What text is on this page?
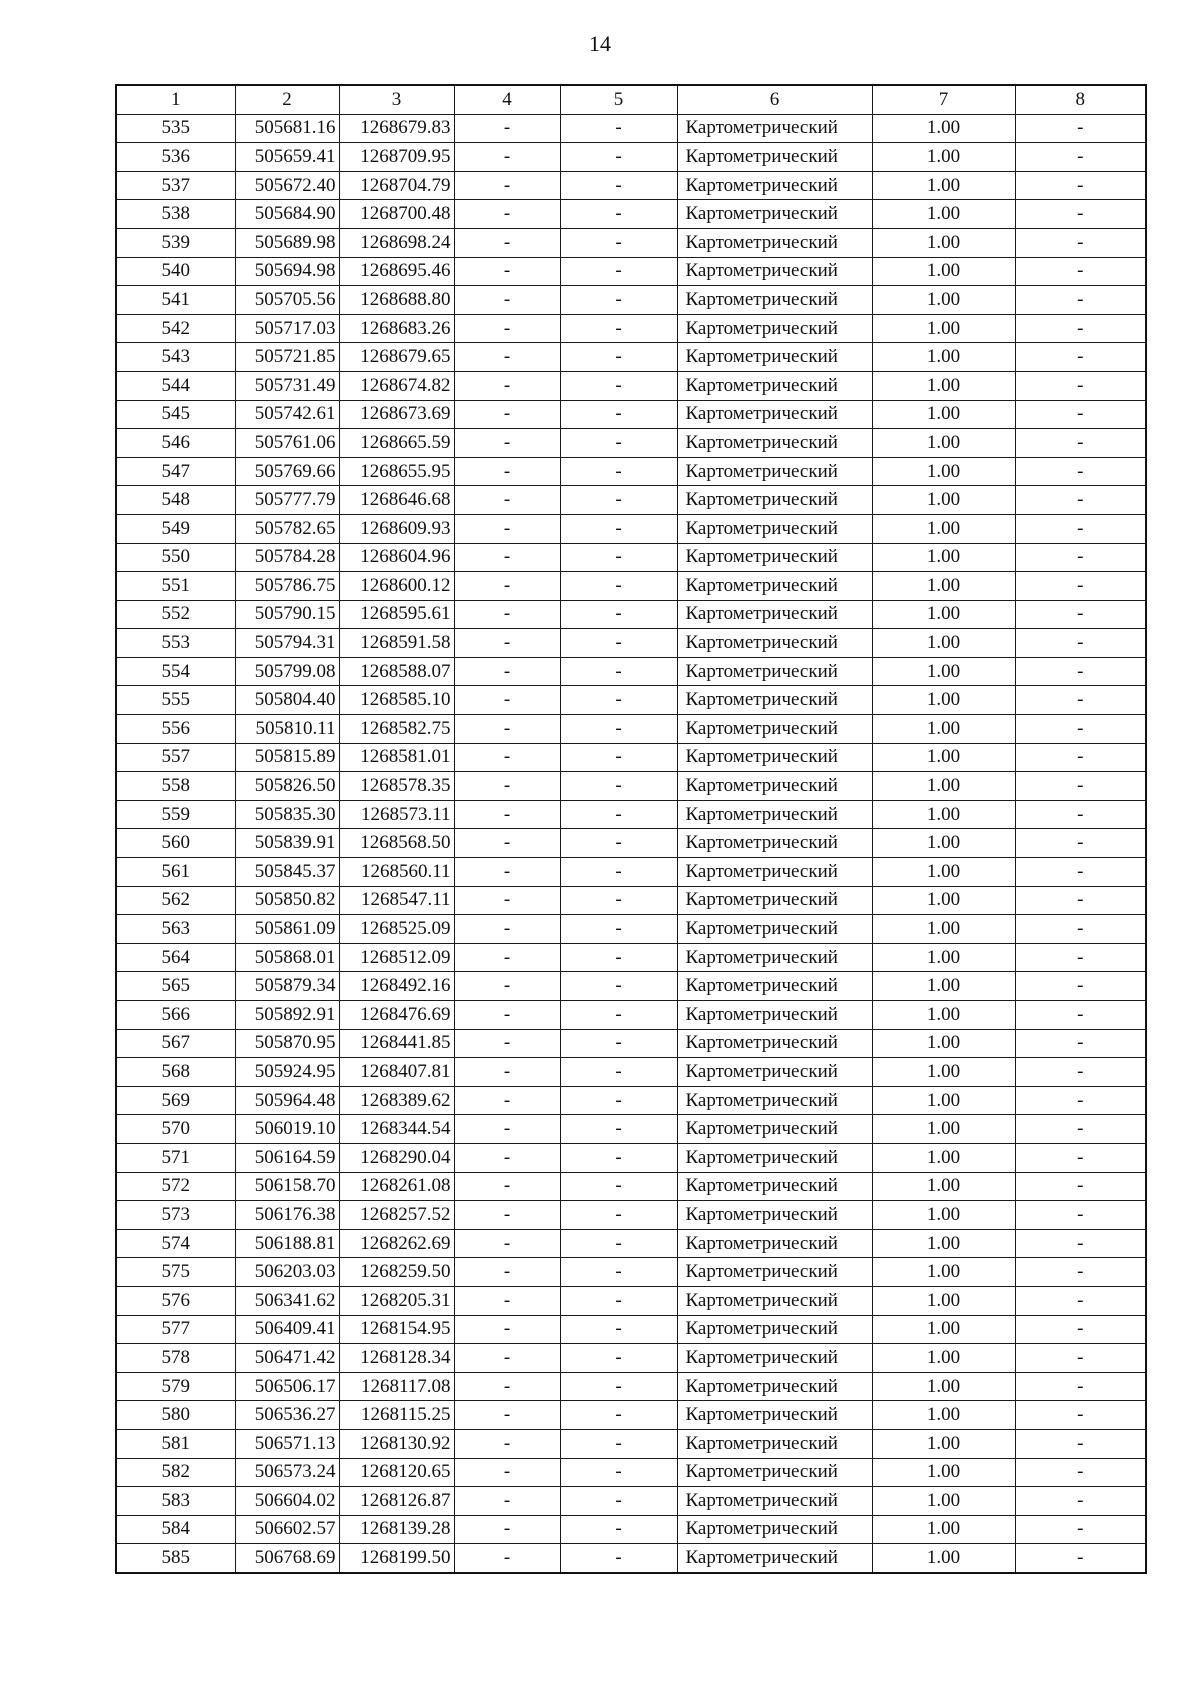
14
1	2	3	4	5	6	7	8
535	505681.16	1268679.83	-	-	Картометрический	1.00	-
536	505659.41	1268709.95	-	-	Картометрический	1.00	-
537	505672.40	1268704.79	-	-	Картометрический	1.00	-
538	505684.90	1268700.48	-	-	Картометрический	1.00	-
539	505689.98	1268698.24	-	-	Картометрический	1.00	-
540	505694.98	1268695.46	-	-	Картометрический	1.00	-
541	505705.56	1268688.80	-	-	Картометрический	1.00	-
542	505717.03	1268683.26	-	-	Картометрический	1.00	-
543	505721.85	1268679.65	-	-	Картометрический	1.00	-
544	505731.49	1268674.82	-	-	Картометрический	1.00	-
545	505742.61	1268673.69	-	-	Картометрический	1.00	-
546	505761.06	1268665.59	-	-	Картометрический	1.00	-
547	505769.66	1268655.95	-	-	Картометрический	1.00	-
548	505777.79	1268646.68	-	-	Картометрический	1.00	-
549	505782.65	1268609.93	-	-	Картометрический	1.00	-
550	505784.28	1268604.96	-	-	Картометрический	1.00	-
551	505786.75	1268600.12	-	-	Картометрический	1.00	-
552	505790.15	1268595.61	-	-	Картометрический	1.00	-
553	505794.31	1268591.58	-	-	Картометрический	1.00	-
554	505799.08	1268588.07	-	-	Картометрический	1.00	-
555	505804.40	1268585.10	-	-	Картометрический	1.00	-
556	505810.11	1268582.75	-	-	Картометрический	1.00	-
557	505815.89	1268581.01	-	-	Картометрический	1.00	-
558	505826.50	1268578.35	-	-	Картометрический	1.00	-
559	505835.30	1268573.11	-	-	Картометрический	1.00	-
560	505839.91	1268568.50	-	-	Картометрический	1.00	-
561	505845.37	1268560.11	-	-	Картометрический	1.00	-
562	505850.82	1268547.11	-	-	Картометрический	1.00	-
563	505861.09	1268525.09	-	-	Картометрический	1.00	-
564	505868.01	1268512.09	-	-	Картометрический	1.00	-
565	505879.34	1268492.16	-	-	Картометрический	1.00	-
566	505892.91	1268476.69	-	-	Картометрический	1.00	-
567	505870.95	1268441.85	-	-	Картометрический	1.00	-
568	505924.95	1268407.81	-	-	Картометрический	1.00	-
569	505964.48	1268389.62	-	-	Картометрический	1.00	-
570	506019.10	1268344.54	-	-	Картометрический	1.00	-
571	506164.59	1268290.04	-	-	Картометрический	1.00	-
572	506158.70	1268261.08	-	-	Картометрический	1.00	-
573	506176.38	1268257.52	-	-	Картометрический	1.00	-
574	506188.81	1268262.69	-	-	Картометрический	1.00	-
575	506203.03	1268259.50	-	-	Картометрический	1.00	-
576	506341.62	1268205.31	-	-	Картометрический	1.00	-
577	506409.41	1268154.95	-	-	Картометрический	1.00	-
578	506471.42	1268128.34	-	-	Картометрический	1.00	-
579	506506.17	1268117.08	-	-	Картометрический	1.00	-
580	506536.27	1268115.25	-	-	Картометрический	1.00	-
581	506571.13	1268130.92	-	-	Картометрический	1.00	-
582	506573.24	1268120.65	-	-	Картометрический	1.00	-
583	506604.02	1268126.87	-	-	Картометрический	1.00	-
584	506602.57	1268139.28	-	-	Картометрический	1.00	-
585	506768.69	1268199.50	-	-	Картометрический	1.00	-
